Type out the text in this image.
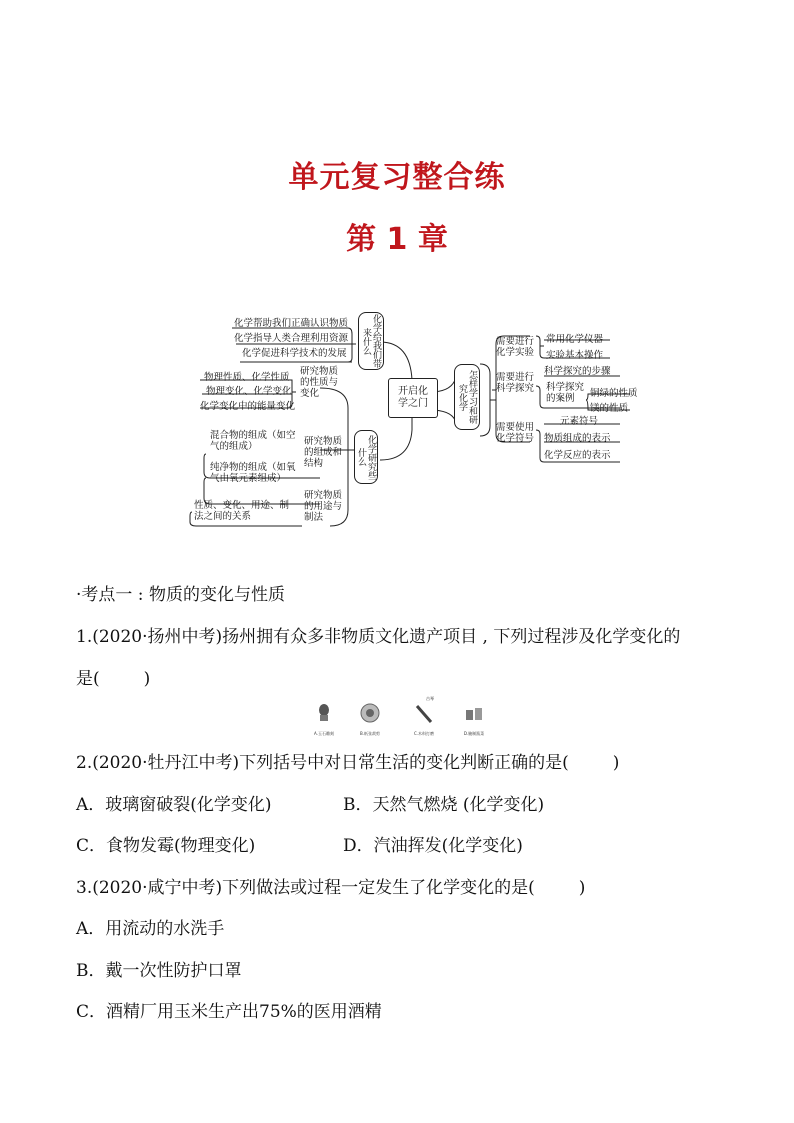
单元复习整合练
第 1 章
化学帮助我们正确认识物质
化学指导人类合理利用资源
化学促进科学技术的发展	化学给我们带来什么
开启化学之门
物理性质、化学性质
物理变化、化学变化
化学变化中的能量变化
研究物质的性质与变化
化学研究些什么
混合物的组成（如空气的组成）
纯净物的组成（如氧气由氧元素组成）
研究物质的组成和结构
性质、变化、用途、制法之间的关系
研究物质的用途与制法
怎样学习和研究化学
需要进行化学实验
需要进行科学探究
需要使用化学符号
常用化学仪器
实验基本操作
科学探究的步骤
科学探究的案例	铜绿的性质
镁的性质
元素符号
物质组成的表示
化学反应的表示

·考点一 : 物质的变化与性质

1.(2020·扬州中考)扬州拥有众多非物质文化遗产项目 , 下列过程涉及化学变化的

是(	)

A.玉石雕刻	B.纸张裁剪
古琴
C.木料打磨	D.腌制酱菜

2.(2020·牡丹江中考)下列括号中对日常生活的变化判断正确的是(	)

A．玻璃窗破裂(化学变化)	B．天然气燃烧 (化学变化)

C．食物发霉(物理变化)	D．汽油挥发(化学变化)

3.(2020·咸宁中考)下列做法或过程一定发生了化学变化的是(	)

A．用流动的水洗手

B．戴一次性防护口罩

C．酒精厂用玉米生产出75%的医用酒精
